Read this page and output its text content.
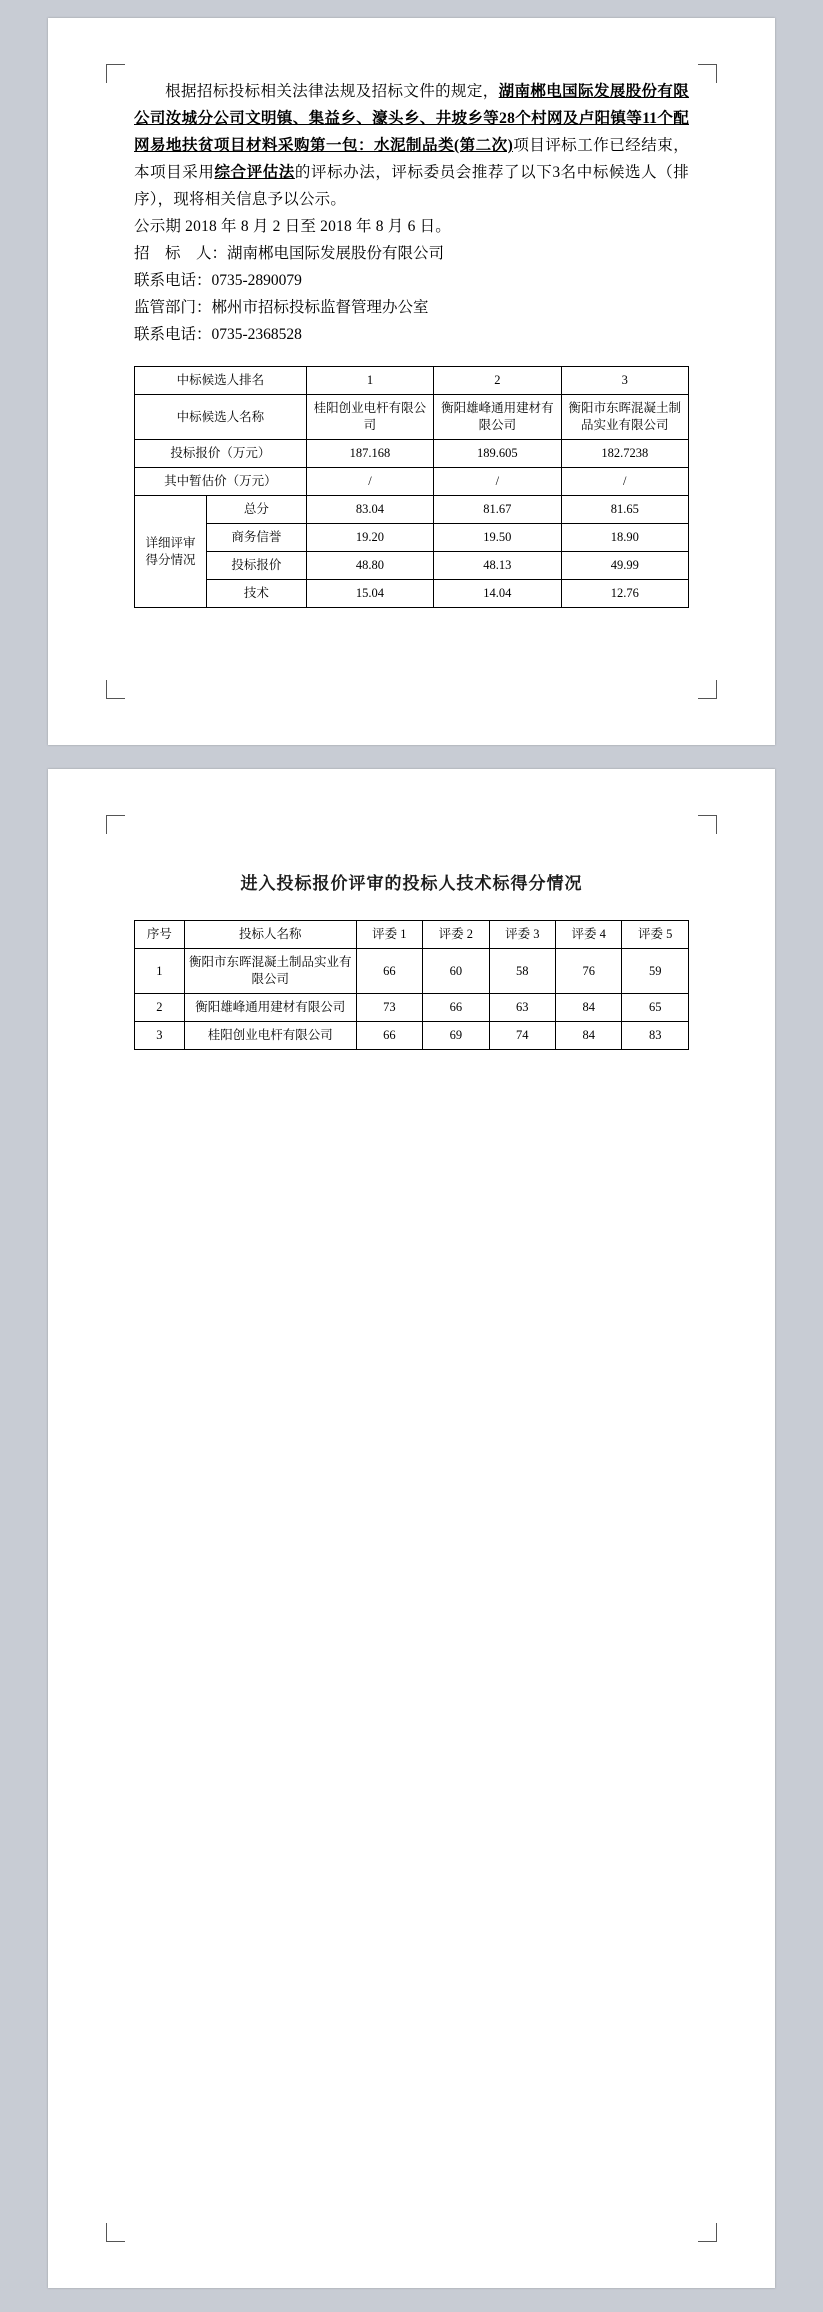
根据招标投标相关法律法规及招标文件的规定，湖南郴电国际发展股份有限公司汝城分公司文明镇、集益乡、濠头乡、井坡乡等28个村网及卢阳镇等11个配网易地扶贫项目材料采购第一包：水泥制品类(第二次)项目评标工作已经结束，本项目采用综合评估法的评标办法，评标委员会推荐了以下3名中标候选人（排序），现将相关信息予以公示。
公示期 2018 年 8 月 2 日至 2018 年 8 月 6 日。
招　标　人：湖南郴电国际发展股份有限公司
联系电话：0735-2890079
监管部门：郴州市招标投标监督管理办公室
联系电话：0735-2368528
中标候选人排名		1	2	3
中标候选人名称		桂阳创业电杆有限公司	衡阳雄峰通用建材有限公司	衡阳市东晖混凝土制品实业有限公司
投标报价（万元）		187.168	189.605	182.7238
其中暂估价（万元）		/	/	/

详细评审
得分情况	总分	83.04	81.67	81.65
	商务信誉	19.20	19.50	18.90
	投标报价	48.80	48.13	49.99
	技术	15.04	14.04	12.76
进入投标报价评审的投标人技术标得分情况
序号	投标人名称	评委 1	评委 2	评委 3	评委 4	评委 5
1	衡阳市东晖混凝土制品实业有限公司	66	60	58	76	59
2	衡阳雄峰通用建材有限公司	73	66	63	84	65
3	桂阳创业电杆有限公司	66	69	74	84	83
